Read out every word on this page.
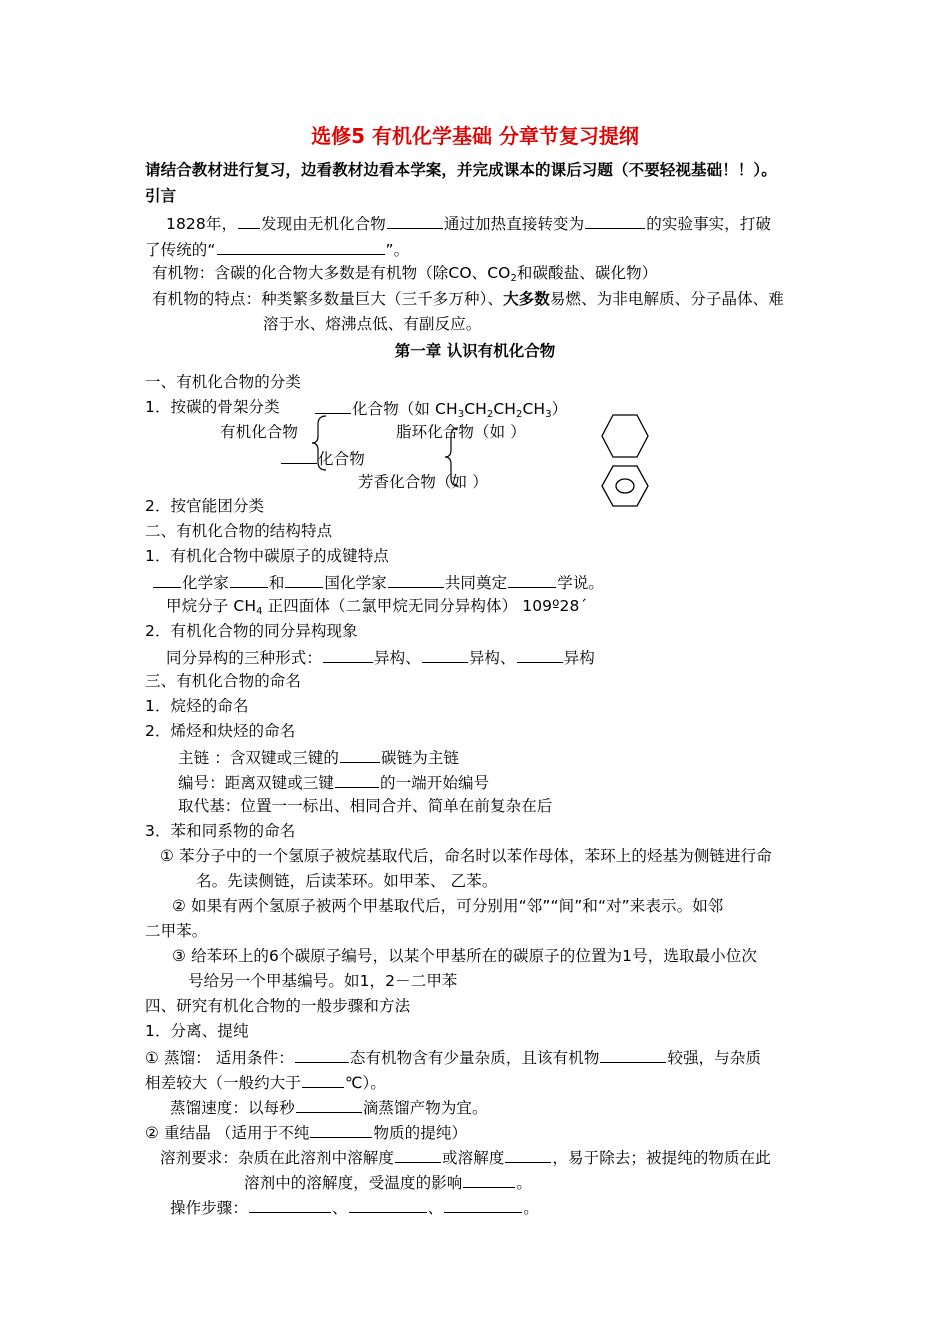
选修5 有机化学基础 分章节复习提纲
请结合教材进行复习，边看教材边看本学案，并完成课本的课后习题（不要轻视基础！！）。
引言
1828年， 发现由无机化合物	通过加热直接转变为	的实验事实，打破
了传统的“	”。
有机物：含碳的化合物大多数是有机物（除CO、$CO_2$和碳酸盐、碳化物）
有机物的特点：种类繁多数量巨大（三千多万种）、大多数易燃、为非电解质、分子晶体、难
溶于水、熔沸点低、有副反应。
第一章 认识有机化合物
一、有机化合物的分类
1．按碳的骨架分类	化合物（如 $CH_3CH_2CH_2CH_3$）
有机化合物	脂环化合物（如 ）
化合物
芳香化合物（如 ）
2．按官能团分类
二、有机化合物的结构特点
1．有机化合物中碳原子的成键特点
化学家	和	国化学家	共同奠定	学说。
甲烷分子 $CH_4$ 正四面体（二氯甲烷无同分异构体） 109º28´
2．有机化合物的同分异构现象
同分异构的三种形式：	异构、	异构、	异构
三、有机化合物的命名
1．烷烃的命名
2．烯烃和炔烃的命名
主链 ：含双键或三键的	碳链为主链
编号：距离双键或三键	的一端开始编号
取代基：位置一一标出、相同合并、简单在前复杂在后
3．苯和同系物的命名
① 苯分子中的一个氢原子被烷基取代后，命名时以苯作母体，苯环上的烃基为侧链进行命
名。先读侧链，后读苯环。如甲苯、 乙苯。
② 如果有两个氢原子被两个甲基取代后，可分别用“邻”“间”和“对”来表示。如邻
二甲苯。
③ 给苯环上的6个碳原子编号，以某个甲基所在的碳原子的位置为1号，选取最小位次
号给另一个甲基编号。如1，2－二甲苯
四、研究有机化合物的一般步骤和方法
1．分离、提纯
① 蒸馏： 适用条件：	态有机物含有少量杂质，且该有机物	较强，与杂质
相差较大（一般约大于	℃）。
蒸馏速度：以每秒	滴蒸馏产物为宜。
② 重结晶 （适用于不纯	物质的提纯）
溶剂要求：杂质在此溶剂中溶解度	或溶解度	，易于除去；被提纯的物质在此
溶剂中的溶解度，受温度的影响	。
操作步骤：	、	、	。
